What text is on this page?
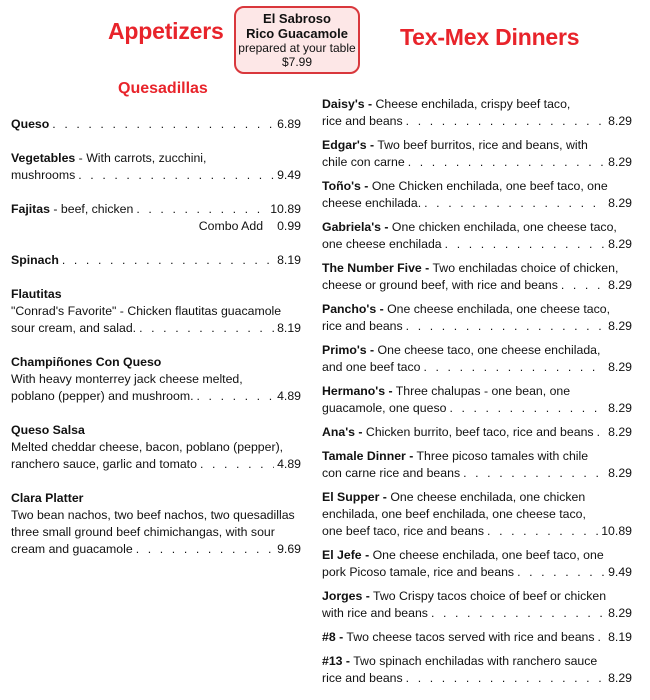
Appetizers	El Sabroso
Rico Guacamole
prepared at your table
$7.99
Tex-Mex Dinners
Quesadillas
Queso . . .	6.89
Vegetables - With carrots, zucchini,
mushrooms . . .	9.49
Fajitas - beef, chicken . . .	10.89
Combo Add 0.99
Spinach . . .	8.19
Flautitas
"Conrad's Favorite" - Chicken flautitas guacamole
sour cream, and salad. . . .	8.19
Champiñones Con Queso
With heavy monterrey jack cheese melted,
poblano (pepper) and mushroom. . . .	4.89
Queso Salsa
Melted cheddar cheese, bacon, poblano (pepper),
ranchero sauce, garlic and tomato . . .	4.89
Clara Platter
Two bean nachos, two beef nachos, two quesadillas
three small ground beef chimichangas, with sour
cream and guacamole . . .	9.69
Daisy's - Cheese enchilada, crispy beef taco,
rice and beans . . .	8.29
Edgar's - Two beef burritos, rice and beans, with
chile con carne . . .	8.29
Toño's - One Chicken enchilada, one beef taco, one
cheese enchilada. . . .	8.29
Gabriela's - One chicken enchilada, one cheese taco,
one cheese enchilada . . .	8.29
The Number Five - Two enchiladas choice of chicken,
cheese or ground beef, with rice and beans . . .	8.29
Pancho's - One cheese enchilada, one cheese taco,
rice and beans . . .	8.29
Primo's - One cheese taco, one cheese enchilada,
and one beef taco . . .	8.29
Hermano's - Three chalupas - one bean, one
guacamole, one queso . . .	8.29
Ana's - Chicken burrito, beef taco, rice and beans . . . 8.29
Tamale Dinner - Three picoso tamales with chile
con carne rice and beans . . .	8.29
El Supper - One cheese enchilada, one chicken
enchilada, one beef enchilada, one cheese taco,
one beef taco, rice and beans . . .	10.89
El Jefe - One cheese enchilada, one beef taco, one
pork Picoso tamale, rice and beans . . .	9.49
Jorges - Two Crispy tacos choice of beef or chicken
with rice and beans . . .	8.29
#8 - Two cheese tacos served with rice and beans . . . 8.19
#13 - Two spinach enchiladas with ranchero sauce
rice and beans . . .	8.29
